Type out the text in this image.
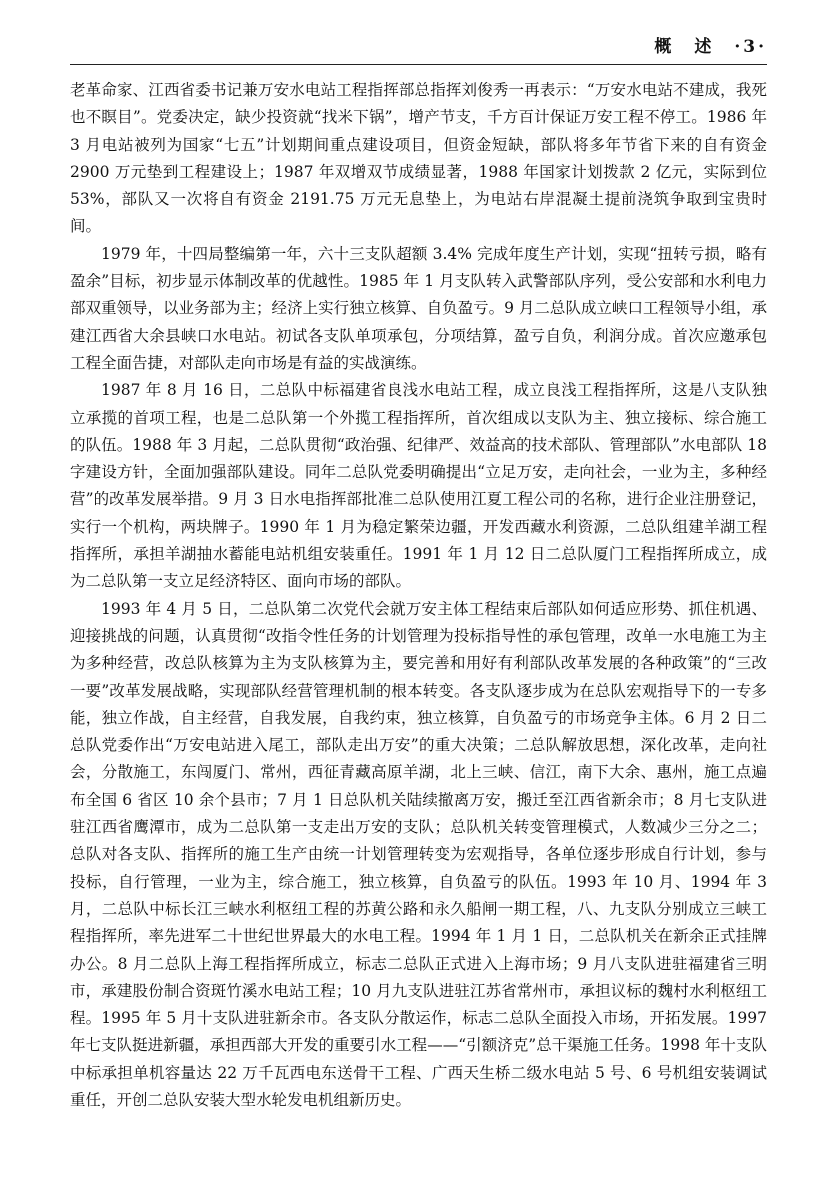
概　述　·3·

老革命家、江西省委书记兼万安水电站工程指挥部总指挥刘俊秀一再表示：“万安水电站不建成，我死也不瞑目”。党委决定，缺少投资就“找米下锅”，增产节支，千方百计保证万安工程不停工。1986 年 3 月电站被列为国家“七五”计划期间重点建设项目，但资金短缺，部队将多年节省下来的自有资金 2900 万元垫到工程建设上；1987 年双增双节成绩显著，1988 年国家计划拨款 2 亿元，实际到位 53%，部队又一次将自有资金 2191.75 万元无息垫上，为电站右岸混凝土提前浇筑争取到宝贵时间。

1979 年，十四局整编第一年，六十三支队超额 3.4% 完成年度生产计划，实现“扭转亏损，略有盈余”目标，初步显示体制改革的优越性。1985 年 1 月支队转入武警部队序列，受公安部和水利电力部双重领导，以业务部为主；经济上实行独立核算、自负盈亏。9 月二总队成立峡口工程领导小组，承建江西省大余县峡口水电站。初试各支队单项承包，分项结算，盈亏自负，利润分成。首次应邀承包工程全面告捷，对部队走向市场是有益的实战演练。

1987 年 8 月 16 日，二总队中标福建省良浅水电站工程，成立良浅工程指挥所，这是八支队独立承揽的首项工程，也是二总队第一个外揽工程指挥所，首次组成以支队为主、独立接标、综合施工的队伍。1988 年 3 月起，二总队贯彻“政治强、纪律严、效益高的技术部队、管理部队”水电部队 18 字建设方针，全面加强部队建设。同年二总队党委明确提出“立足万安，走向社会，一业为主，多种经营”的改革发展举措。9 月 3 日水电指挥部批准二总队使用江夏工程公司的名称，进行企业注册登记，实行一个机构，两块牌子。1990 年 1 月为稳定繁荣边疆，开发西藏水利资源，二总队组建羊湖工程指挥所，承担羊湖抽水蓄能电站机组安装重任。1991 年 1 月 12 日二总队厦门工程指挥所成立，成为二总队第一支立足经济特区、面向市场的部队。

1993 年 4 月 5 日，二总队第二次党代会就万安主体工程结束后部队如何适应形势、抓住机遇、迎接挑战的问题，认真贯彻“改指令性任务的计划管理为投标指导性的承包管理，改单一水电施工为主为多种经营，改总队核算为主为支队核算为主，要完善和用好有利部队改革发展的各种政策”的“三改一要”改革发展战略，实现部队经营管理机制的根本转变。各支队逐步成为在总队宏观指导下的一专多能，独立作战，自主经营，自我发展，自我约束，独立核算，自负盈亏的市场竞争主体。6 月 2 日二总队党委作出“万安电站进入尾工，部队走出万安”的重大决策；二总队解放思想，深化改革，走向社会，分散施工，东闯厦门、常州，西征青藏高原羊湖，北上三峡、信江，南下大余、惠州，施工点遍布全国 6 省区 10 余个县市；7 月 1 日总队机关陆续撤离万安，搬迁至江西省新余市；8 月七支队进驻江西省鹰潭市，成为二总队第一支走出万安的支队；总队机关转变管理模式，人数减少三分之二；总队对各支队、指挥所的施工生产由统一计划管理转变为宏观指导，各单位逐步形成自行计划，参与投标，自行管理，一业为主，综合施工，独立核算，自负盈亏的队伍。1993 年 10 月、1994 年 3 月，二总队中标长江三峡水利枢纽工程的苏黄公路和永久船闸一期工程，八、九支队分别成立三峡工程指挥所，率先进军二十世纪世界最大的水电工程。1994 年 1 月 1 日，二总队机关在新余正式挂牌办公。8 月二总队上海工程指挥所成立，标志二总队正式进入上海市场；9 月八支队进驻福建省三明市，承建股份制合资斑竹溪水电站工程；10 月九支队进驻江苏省常州市，承担议标的魏村水利枢纽工程。1995 年 5 月十支队进驻新余市。各支队分散运作，标志二总队全面投入市场，开拓发展。1997 年七支队挺进新疆，承担西部大开发的重要引水工程——“引额济克”总干渠施工任务。1998 年十支队中标承担单机容量达 22 万千瓦西电东送骨干工程、广西天生桥二级水电站 5 号、6 号机组安装调试重任，开创二总队安装大型水轮发电机组新历史。
